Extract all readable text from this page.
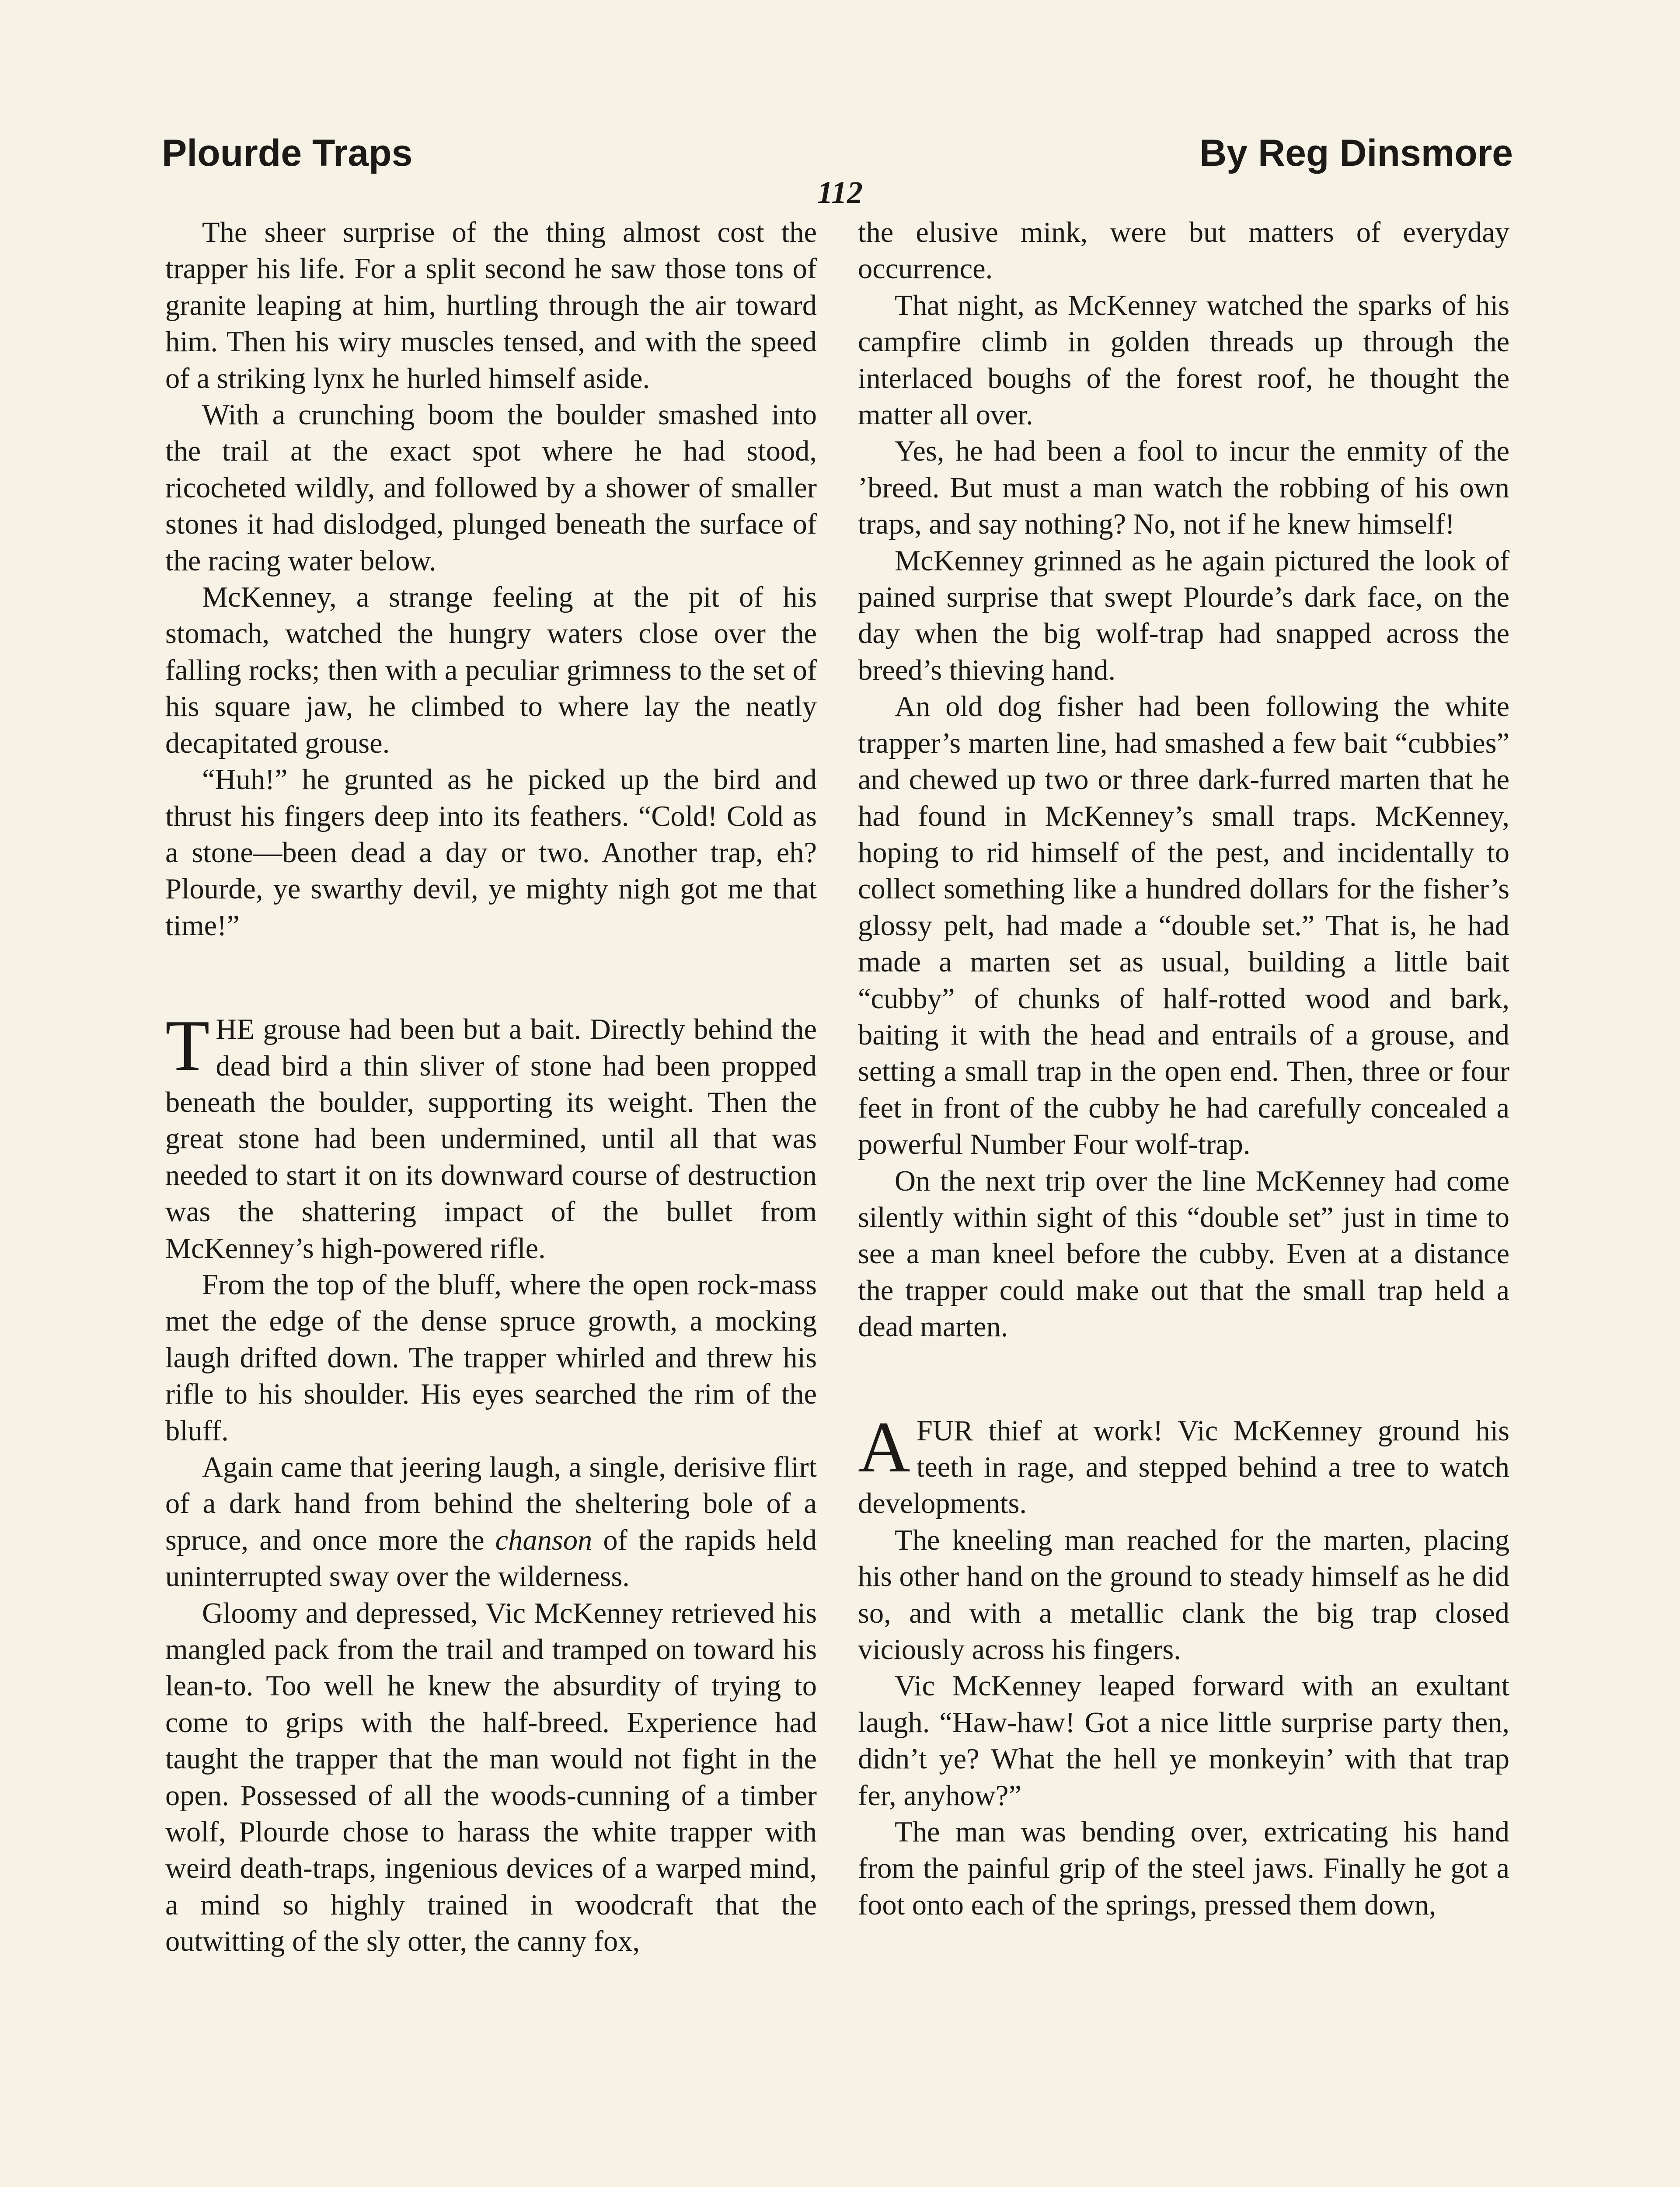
Plourde Traps	By Reg Dinsmore
112

The sheer surprise of the thing almost cost the trapper his life. For a split second he saw those tons of granite leaping at him, hurtling through the air toward him. Then his wiry muscles tensed, and with the speed of a striking lynx he hurled himself aside.

With a crunching boom the boulder smashed into the trail at the exact spot where he had stood, ricocheted wildly, and followed by a shower of smaller stones it had dislodged, plunged beneath the surface of the racing water below.

McKenney, a strange feeling at the pit of his stomach, watched the hungry waters close over the falling rocks; then with a peculiar grimness to the set of his square jaw, he climbed to where lay the neatly decapitated grouse.

“Huh!” he grunted as he picked up the bird and thrust his fingers deep into its feathers. “Cold! Cold as a stone—been dead a day or two. Another trap, eh? Plourde, ye swarthy devil, ye mighty nigh got me that time!”

THE grouse had been but a bait. Directly behind the dead bird a thin sliver of stone had been propped beneath the boulder, supporting its weight. Then the great stone had been undermined, until all that was needed to start it on its downward course of destruction was the shattering impact of the bullet from McKenney’s high-powered rifle.

From the top of the bluff, where the open rock-mass met the edge of the dense spruce growth, a mocking laugh drifted down. The trapper whirled and threw his rifle to his shoulder. His eyes searched the rim of the bluff.

Again came that jeering laugh, a single, derisive flirt of a dark hand from behind the sheltering bole of a spruce, and once more the chanson of the rapids held uninterrupted sway over the wilderness.

Gloomy and depressed, Vic McKenney retrieved his mangled pack from the trail and tramped on toward his lean-to. Too well he knew the absurdity of trying to come to grips with the half-breed. Experience had taught the trapper that the man would not fight in the open. Possessed of all the woods-cunning of a timber wolf, Plourde chose to harass the white trapper with weird death-traps, ingenious devices of a warped mind, a mind so highly trained in woodcraft that the outwitting of the sly otter, the canny fox,

the elusive mink, were but matters of everyday occurrence.

That night, as McKenney watched the sparks of his campfire climb in golden threads up through the interlaced boughs of the forest roof, he thought the matter all over.

Yes, he had been a fool to incur the enmity of the ’breed. But must a man watch the robbing of his own traps, and say nothing? No, not if he knew himself!

McKenney grinned as he again pictured the look of pained surprise that swept Plourde’s dark face, on the day when the big wolf-trap had snapped across the breed’s thieving hand.

An old dog fisher had been following the white trapper’s marten line, had smashed a few bait “cubbies” and chewed up two or three dark-furred marten that he had found in McKenney’s small traps. McKenney, hoping to rid himself of the pest, and incidentally to collect something like a hundred dollars for the fisher’s glossy pelt, had made a “double set.” That is, he had made a marten set as usual, building a little bait “cubby” of chunks of half-rotted wood and bark, baiting it with the head and entrails of a grouse, and setting a small trap in the open end. Then, three or four feet in front of the cubby he had carefully concealed a powerful Number Four wolf-trap.

On the next trip over the line McKenney had come silently within sight of this “double set” just in time to see a man kneel before the cubby. Even at a distance the trapper could make out that the small trap held a dead marten.

AFUR thief at work! Vic McKenney ground his teeth in rage, and stepped behind a tree to watch developments.

The kneeling man reached for the marten, placing his other hand on the ground to steady himself as he did so, and with a metallic clank the big trap closed viciously across his fingers.

Vic McKenney leaped forward with an exultant laugh. “Haw-haw! Got a nice little surprise party then, didn’t ye? What the hell ye monkeyin’ with that trap fer, anyhow?”

The man was bending over, extricating his hand from the painful grip of the steel jaws. Finally he got a foot onto each of the springs, pressed them down,
